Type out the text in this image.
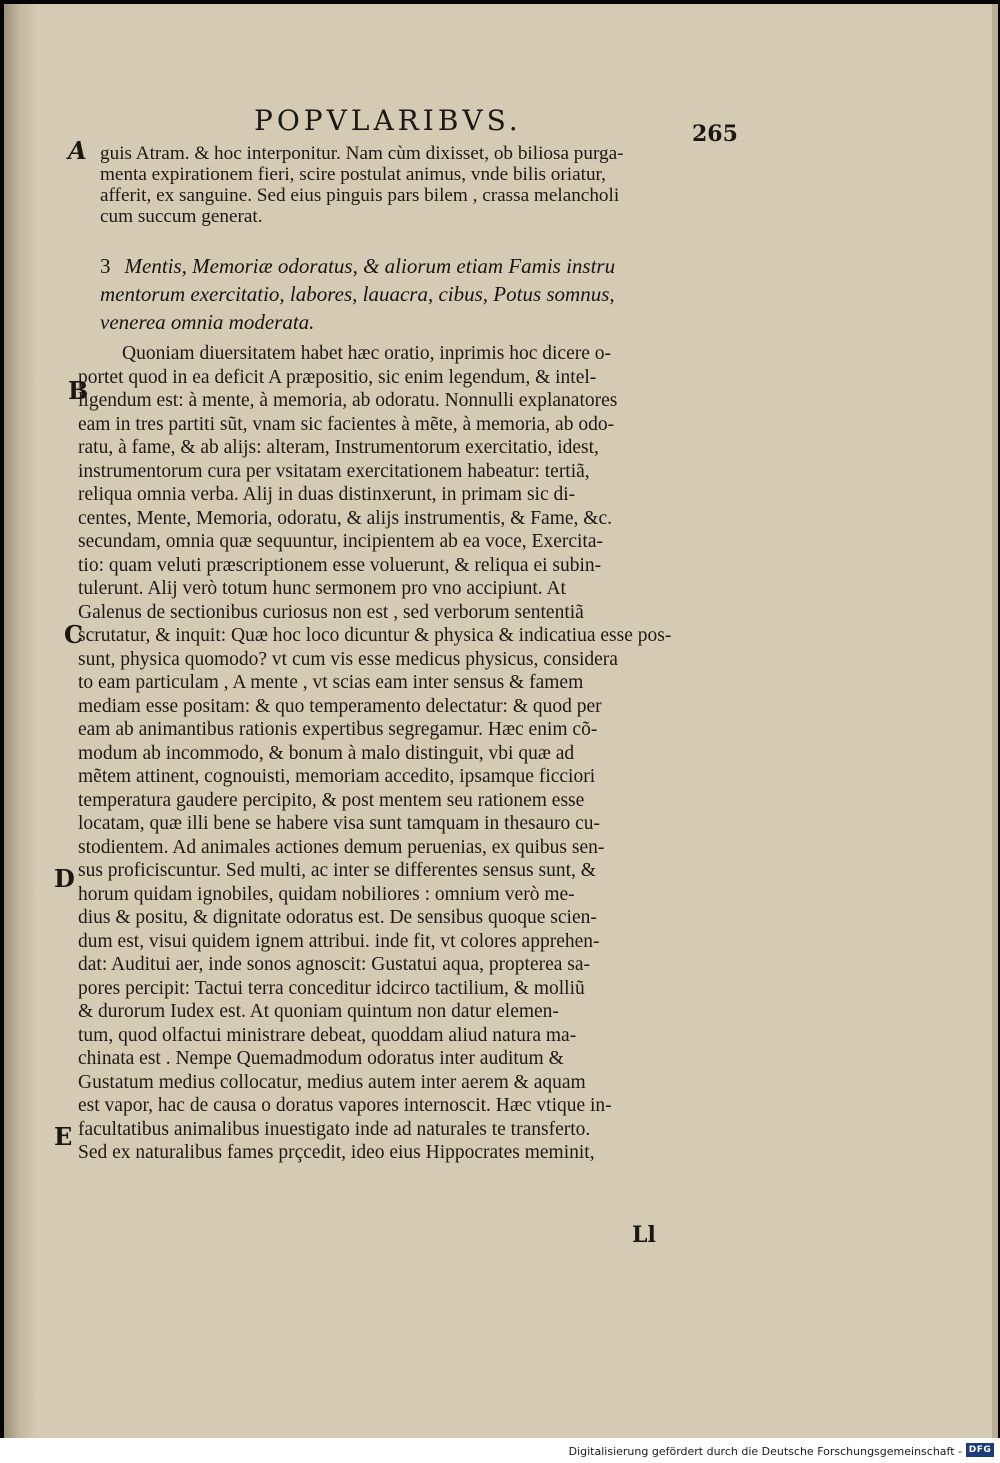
POPVLARIBVS.	265
A
B
C
D
E
guis Atram. & hoc interponitur. Nam cùm dixisset, ob biliosa purga-
menta expirationem fieri, scire postulat animus, vnde bilis oriatur,
afferit, ex sanguine. Sed eius pinguis pars bilem , crassa melancholi
cum succum generat.
3 Mentis, Memoriæ odoratus, & aliorum etiam Famis instru
mentorum exercitatio, labores, lauacra, cibus, Potus somnus,
venerea omnia moderata.
Quoniam diuersitatem habet hæc oratio, inprimis hoc dicere o-
portet quod in ea deficit A præpositio, sic enim legendum, & intel-
ligendum est: à mente, à memoria, ab odoratu. Nonnulli explanatores
eam in tres partiti sũt, vnam sic facientes à mẽte, à memoria, ab odo-
ratu, à fame, & ab alijs: alteram, Instrumentorum exercitatio, idest,
instrumentorum cura per vsitatam exercitationem habeatur: tertiã,
reliqua omnia verba. Alij in duas distinxerunt, in primam sic di-
centes, Mente, Memoria, odoratu, & alijs instrumentis, & Fame, &c.
secundam, omnia quæ sequuntur, incipientem ab ea voce, Exercita-
tio: quam veluti præscriptionem esse voluerunt, & reliqua ei subin-
tulerunt. Alij verò totum hunc sermonem pro vno accipiunt. At
Galenus de sectionibus curiosus non est , sed verborum sententiã
scrutatur, & inquit: Quæ hoc loco dicuntur & physica & indicatiua esse pos-
sunt, physica quomodo? vt cum vis esse medicus physicus, considera
to eam particulam , A mente , vt scias eam inter sensus & famem
mediam esse positam: & quo temperamento delectatur: & quod per
eam ab animantibus rationis expertibus segregamur. Hæc enim cõ-
modum ab incommodo, & bonum à malo distinguit, vbi quæ ad
mẽtem attinent, cognouisti, memoriam accedito, ipsamque ficciori
temperatura gaudere percipito, & post mentem seu rationem esse
locatam, quæ illi bene se habere visa sunt tamquam in thesauro cu-
stodientem. Ad animales actiones demum peruenias, ex quibus sen-
sus proficiscuntur. Sed multi, ac inter se differentes sensus sunt, &
horum quidam ignobiles, quidam nobiliores : omnium verò me-
dius & positu, & dignitate odoratus est. De sensibus quoque scien-
dum est, visui quidem ignem attribui. inde fit, vt colores apprehen-
dat: Auditui aer, inde sonos agnoscit: Gustatui aqua, propterea sa-
pores percipit: Tactui terra conceditur idcirco tactilium, & molliũ
& durorum Iudex est. At quoniam quintum non datur elemen-
tum, quod olfactui ministrare debeat, quoddam aliud natura ma-
chinata est . Nempe Quemadmodum odoratus inter auditum &
Gustatum medius collocatur, medius autem inter aerem & aquam
est vapor, hac de causa o doratus vapores internoscit. Hæc vtique in-
facultatibus animalibus inuestigato inde ad naturales te transferto.
Sed ex naturalibus fames prçcedit, ideo eius Hippocrates meminit,
Ll
Digitalisierung gefördert durch die Deutsche Forschungsgemeinschaft - DFG
